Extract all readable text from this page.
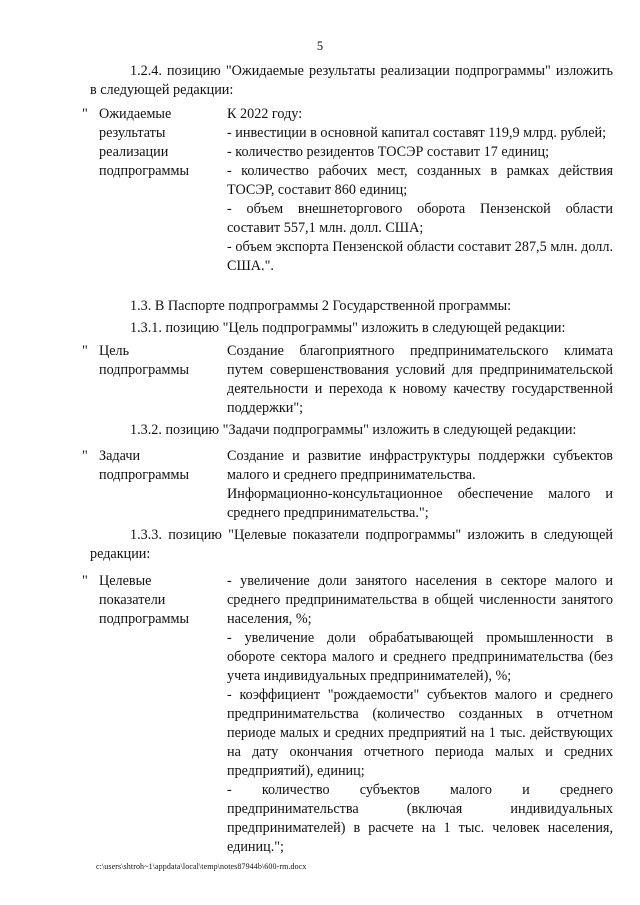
5
1.2.4. позицию "Ожидаемые результаты реализации подпрограммы" изложить в следующей редакции:
" Ожидаемые результаты реализации подпрограммы
К 2022 году:
- инвестиции в основной капитал составят 119,9 млрд. рублей;
- количество резидентов ТОСЭР составит 17 единиц;
- количество рабочих мест, созданных в рамках действия ТОСЭР, составит 860 единиц;
- объем внешнеторгового оборота Пензенской области составит 557,1 млн. долл. США;
- объем экспорта Пензенской области составит 287,5 млн. долл. США.".
1.3. В Паспорте подпрограммы 2 Государственной программы:
1.3.1. позицию "Цель подпрограммы" изложить в следующей редакции:
" Цель подпрограммы
Создание благоприятного предпринимательского климата путем совершенствования условий для предпринимательской деятельности и перехода к новому качеству государственной поддержки";
1.3.2. позицию "Задачи подпрограммы" изложить в следующей редакции:
" Задачи подпрограммы
Создание и развитие инфраструктуры поддержки субъектов малого и среднего предпринимательства.
Информационно-консультационное обеспечение малого и среднего предпринимательства.";
1.3.3. позицию "Целевые показатели подпрограммы" изложить в следующей редакции:
" Целевые показатели подпрограммы
- увеличение доли занятого населения в секторе малого и среднего предпринимательства в общей численности занятого населения, %;
- увеличение доли обрабатывающей промышленности в обороте сектора малого и среднего предпринимательства (без учета индивидуальных предпринимателей), %;
- коэффициент "рождаемости" субъектов малого и среднего предпринимательства (количество созданных в отчетном периоде малых и средних предприятий на 1 тыс. действующих на дату окончания отчетного периода малых и средних предприятий), единиц;
- количество субъектов малого и среднего предпринимательства (включая индивидуальных предпринимателей) в расчете на 1 тыс. человек населения, единиц.";
c:\users\shtroh~1\appdata\local\temp\notes87944b\600-rm.docx
